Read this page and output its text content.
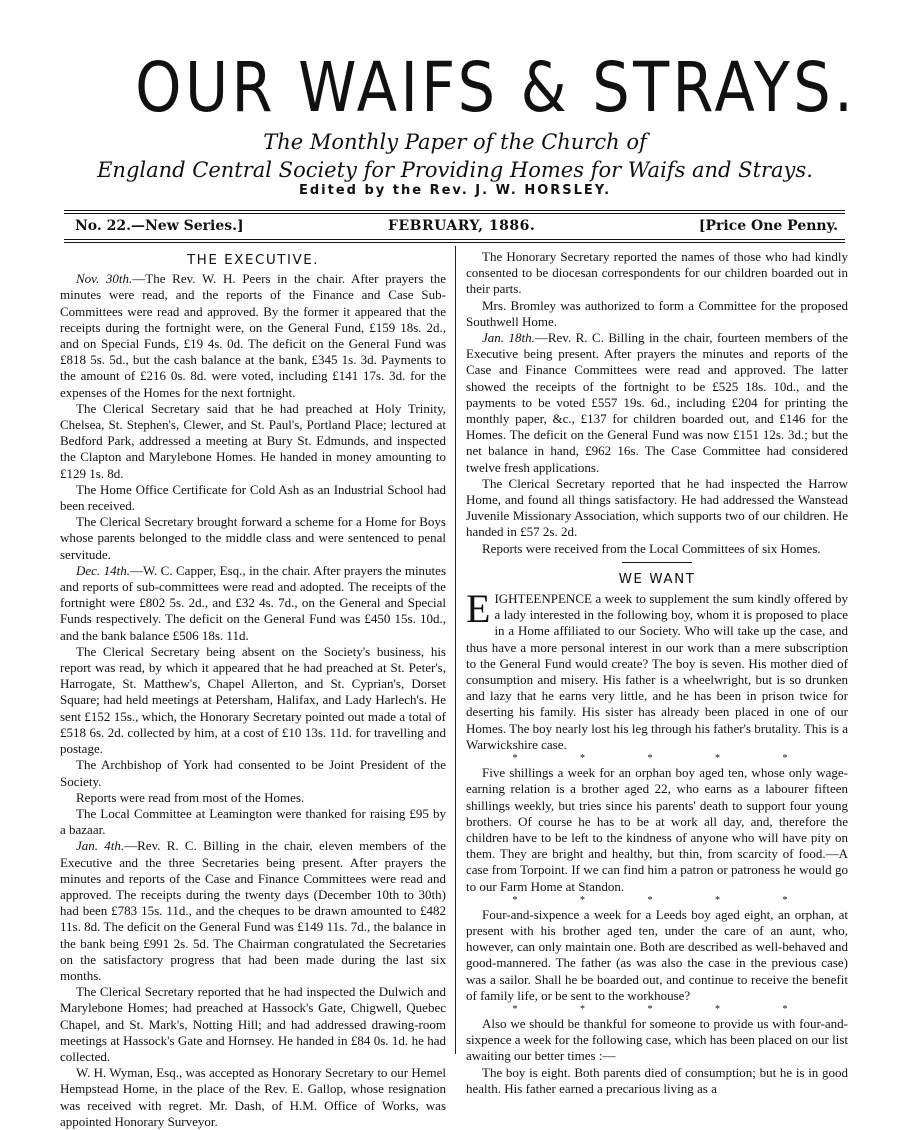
OUR WAIFS & STRAYS.
The Monthly Paper of the Church of
England Central Society for Providing Homes for Waifs and Strays.
Edited by the Rev. J. W. HORSLEY.
No. 22.—New Series.]	FEBRUARY, 1886.	[Price One Penny.
THE EXECUTIVE.

Nov. 30th.—The Rev. W. H. Peers in the chair. After prayers the minutes were read, and the reports of the Finance and Case Sub-Committees were read and approved. By the former it appeared that the receipts during the fortnight were, on the General Fund, £159 18s. 2d., and on Special Funds, £19 4s. 0d. The deficit on the General Fund was £818 5s. 5d., but the cash balance at the bank, £345 1s. 3d. Payments to the amount of £216 0s. 8d. were voted, including £141 17s. 3d. for the expenses of the Homes for the next fortnight.

The Clerical Secretary said that he had preached at Holy Trinity, Chelsea, St. Stephen's, Clewer, and St. Paul's, Portland Place; lectured at Bedford Park, addressed a meeting at Bury St. Edmunds, and inspected the Clapton and Marylebone Homes. He handed in money amounting to £129 1s. 8d.

The Home Office Certificate for Cold Ash as an Industrial School had been received.

The Clerical Secretary brought forward a scheme for a Home for Boys whose parents belonged to the middle class and were sentenced to penal servitude.

Dec. 14th.—W. C. Capper, Esq., in the chair. After prayers the minutes and reports of sub-committees were read and adopted. The receipts of the fortnight were £802 5s. 2d., and £32 4s. 7d., on the General and Special Funds respectively. The deficit on the General Fund was £450 15s. 10d., and the bank balance £506 18s. 11d.

The Clerical Secretary being absent on the Society's business, his report was read, by which it appeared that he had preached at St. Peter's, Harrogate, St. Matthew's, Chapel Allerton, and St. Cyprian's, Dorset Square; had held meetings at Petersham, Halifax, and Lady Harlech's. He sent £152 15s., which, the Honorary Secretary pointed out made a total of £518 6s. 2d. collected by him, at a cost of £10 13s. 11d. for travelling and postage.

The Archbishop of York had consented to be Joint President of the Society.

Reports were read from most of the Homes.

The Local Committee at Leamington were thanked for raising £95 by a bazaar.

Jan. 4th.—Rev. R. C. Billing in the chair, eleven members of the Executive and the three Secretaries being present. After prayers the minutes and reports of the Case and Finance Committees were read and approved. The receipts during the twenty days (December 10th to 30th) had been £783 15s. 11d., and the cheques to be drawn amounted to £482 11s. 8d. The deficit on the General Fund was £149 11s. 7d., the balance in the bank being £991 2s. 5d. The Chairman congratulated the Secretaries on the satisfactory progress that had been made during the last six months.

The Clerical Secretary reported that he had inspected the Dulwich and Marylebone Homes; had preached at Hassock's Gate, Chigwell, Quebec Chapel, and St. Mark's, Notting Hill; and had addressed drawing-room meetings at Hassock's Gate and Hornsey. He handed in £84 0s. 1d. he had collected.

W. H. Wyman, Esq., was accepted as Honorary Secretary to our Hemel Hempstead Home, in the place of the Rev. E. Gallop, whose resignation was received with regret. Mr. Dash, of H.M. Office of Works, was appointed Honorary Surveyor.

The Honorary Secretary reported the names of those who had kindly consented to be diocesan correspondents for our children boarded out in their parts.

Mrs. Bromley was authorized to form a Committee for the proposed Southwell Home.

Jan. 18th.—Rev. R. C. Billing in the chair, fourteen members of the Executive being present. After prayers the minutes and reports of the Case and Finance Committees were read and approved. The latter showed the receipts of the fortnight to be £525 18s. 10d., and the payments to be voted £557 19s. 6d., including £204 for printing the monthly paper, &c., £137 for children boarded out, and £146 for the Homes. The deficit on the General Fund was now £151 12s. 3d.; but the net balance in hand, £962 16s. The Case Committee had considered twelve fresh applications.

The Clerical Secretary reported that he had inspected the Harrow Home, and found all things satisfactory. He had addressed the Wanstead Juvenile Missionary Association, which supports two of our children. He handed in £57 2s. 2d.

Reports were received from the Local Committees of six Homes.

WE WANT

EIGHTEENPENCE a week to supplement the sum kindly offered by a lady interested in the following boy, whom it is proposed to place in a Home affiliated to our Society. Who will take up the case, and thus have a more personal interest in our work than a mere subscription to the General Fund would create? The boy is seven. His mother died of consumption and misery. His father is a wheelwright, but is so drunken and lazy that he earns very little, and he has been in prison twice for deserting his family. His sister has already been placed in one of our Homes. The boy nearly lost his leg through his father's brutality. This is a Warwickshire case.

* * * * *

Five shillings a week for an orphan boy aged ten, whose only wage-earning relation is a brother aged 22, who earns as a labourer fifteen shillings weekly, but tries since his parents' death to support four young brothers. Of course he has to be at work all day, and, therefore the children have to be left to the kindness of anyone who will have pity on them. They are bright and healthy, but thin, from scarcity of food.—A case from Torpoint. If we can find him a patron or patroness he would go to our Farm Home at Standon.

* * * * *

Four-and-sixpence a week for a Leeds boy aged eight, an orphan, at present with his brother aged ten, under the care of an aunt, who, however, can only maintain one. Both are described as well-behaved and good-mannered. The father (as was also the case in the previous case) was a sailor. Shall he be boarded out, and continue to receive the benefit of family life, or be sent to the workhouse?

* * * * *

Also we should be thankful for someone to provide us with four-and-sixpence a week for the following case, which has been placed on our list awaiting our better times :—

The boy is eight. Both parents died of consumption; but he is in good health. His father earned a precarious living as a
